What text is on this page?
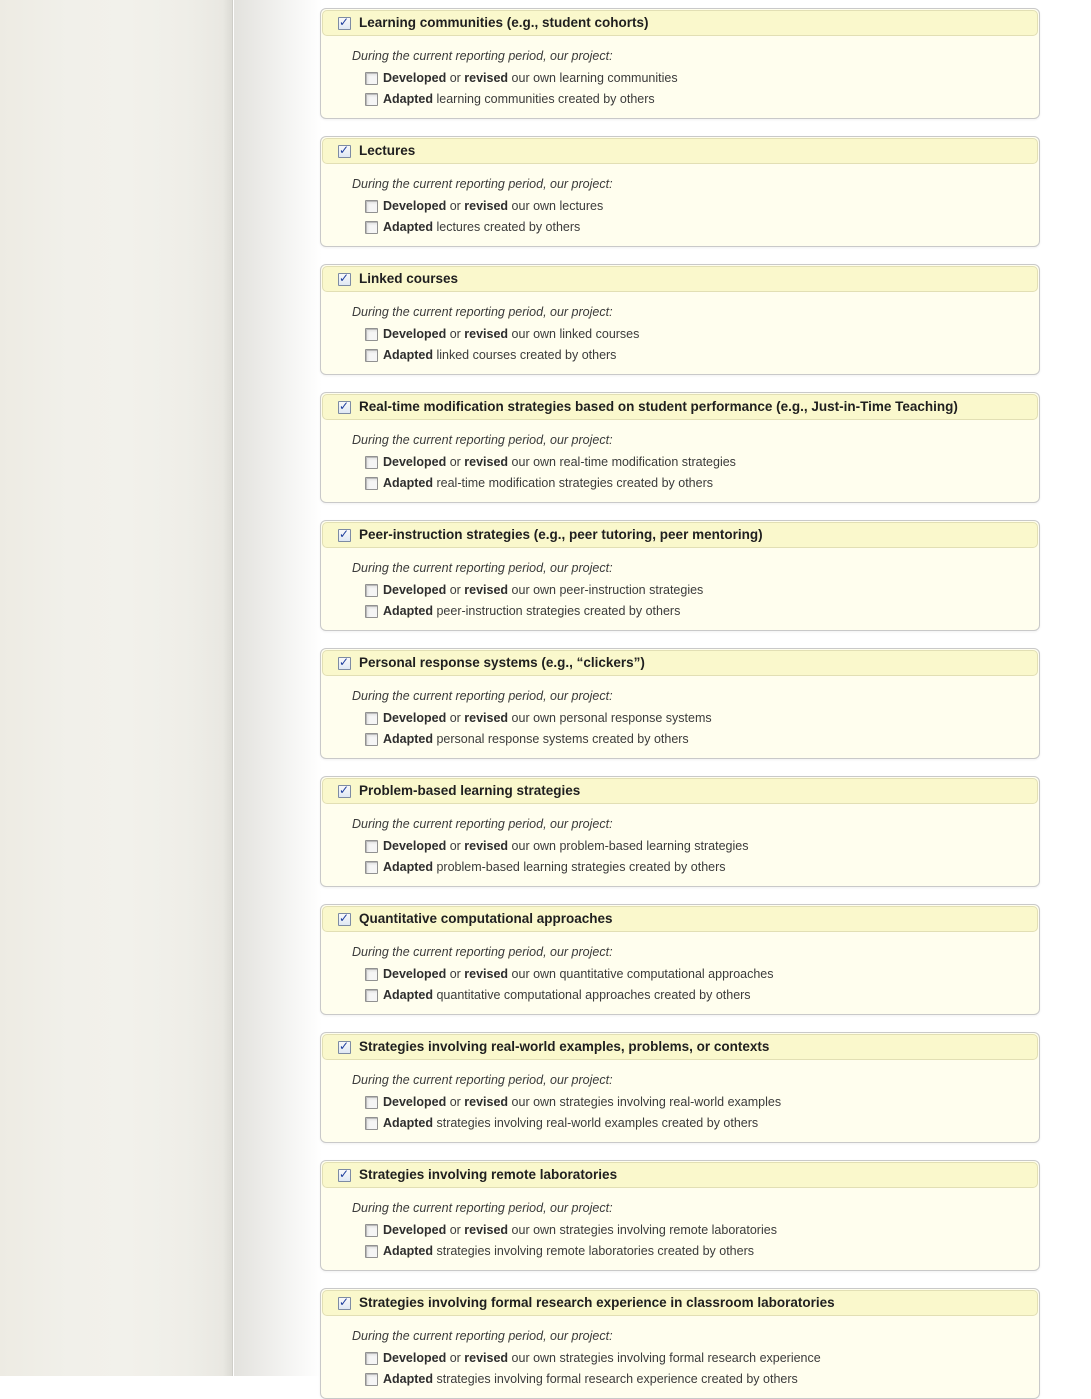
✓ Learning communities (e.g., student cohorts)
During the current reporting period, our project:
Developed or revised our own learning communities
Adapted learning communities created by others
✓ Lectures
During the current reporting period, our project:
Developed or revised our own lectures
Adapted lectures created by others
✓ Linked courses
During the current reporting period, our project:
Developed or revised our own linked courses
Adapted linked courses created by others
✓ Real-time modification strategies based on student performance (e.g., Just-in-Time Teaching)
During the current reporting period, our project:
Developed or revised our own real-time modification strategies
Adapted real-time modification strategies created by others
✓ Peer-instruction strategies (e.g., peer tutoring, peer mentoring)
During the current reporting period, our project:
Developed or revised our own peer-instruction strategies
Adapted peer-instruction strategies created by others
✓ Personal response systems (e.g., “clickers”)
During the current reporting period, our project:
Developed or revised our own personal response systems
Adapted personal response systems created by others
✓ Problem-based learning strategies
During the current reporting period, our project:
Developed or revised our own problem-based learning strategies
Adapted problem-based learning strategies created by others
✓ Quantitative computational approaches
During the current reporting period, our project:
Developed or revised our own quantitative computational approaches
Adapted quantitative computational approaches created by others
✓ Strategies involving real-world examples, problems, or contexts
During the current reporting period, our project:
Developed or revised our own strategies involving real-world examples
Adapted strategies involving real-world examples created by others
✓ Strategies involving remote laboratories
During the current reporting period, our project:
Developed or revised our own strategies involving remote laboratories
Adapted strategies involving remote laboratories created by others
✓ Strategies involving formal research experience in classroom laboratories
During the current reporting period, our project:
Developed or revised our own strategies involving formal research experience
Adapted strategies involving formal research experience created by others
